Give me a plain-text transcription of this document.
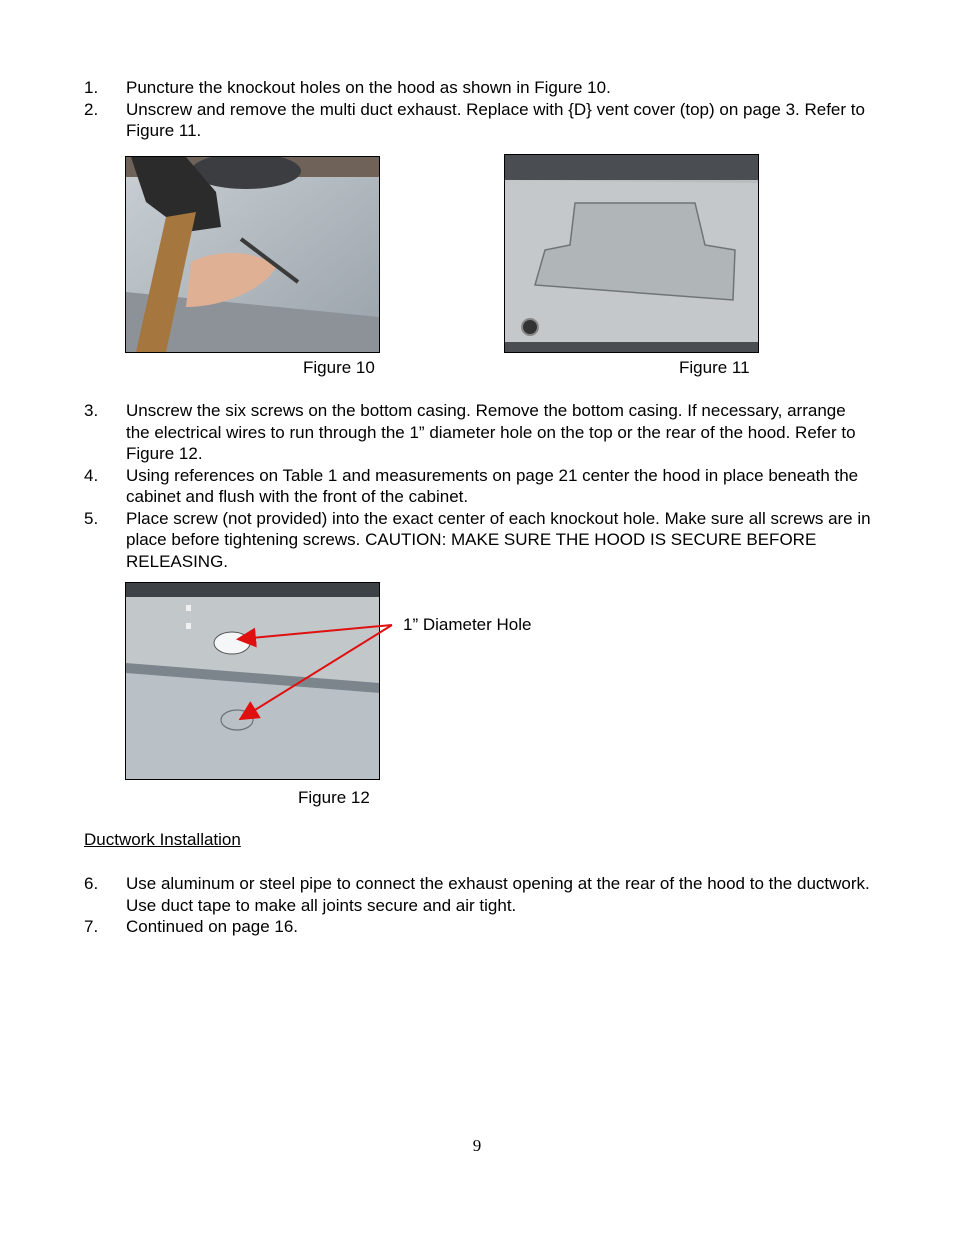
1. Puncture the knockout holes on the hood as shown in Figure 10.
2. Unscrew and remove the multi duct exhaust. Replace with {D} vent cover (top) on page 3. Refer to Figure 11.
Figure 10	Figure 11
3. Unscrew the six screws on the bottom casing. Remove the bottom casing. If necessary, arrange the electrical wires to run through the 1” diameter hole on the top or the rear of the hood. Refer to Figure 12.
4. Using references on Table 1 and measurements on page 21 center the hood in place beneath the cabinet and flush with the front of the cabinet.
5. Place screw (not provided) into the exact center of each knockout hole. Make sure all screws are in place before tightening screws. CAUTION: MAKE SURE THE HOOD IS SECURE BEFORE RELEASING.
1” Diameter Hole
Figure 12
Ductwork Installation
6. Use aluminum or steel pipe to connect the exhaust opening at the rear of the hood to the ductwork. Use duct tape to make all joints secure and air tight.
7. Continued on page 16.
9
